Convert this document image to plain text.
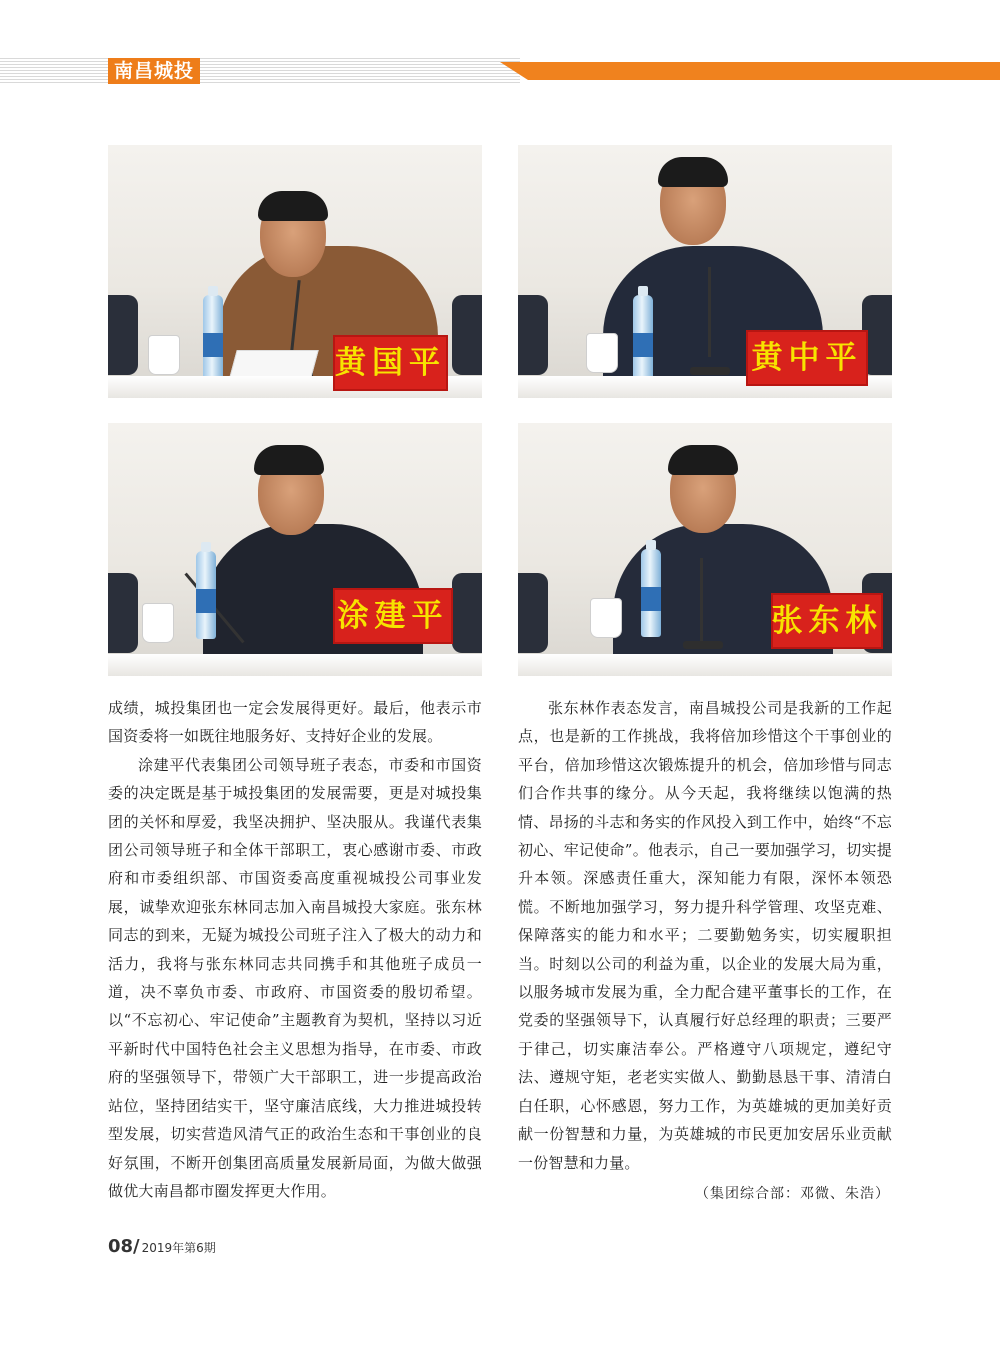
南昌城投
黄国平	黄中平
涂建平	张东林

成绩，城投集团也一定会发展得更好。最后，他表示市国资委将一如既往地服务好、支持好企业的发展。

涂建平代表集团公司领导班子表态，市委和市国资委的决定既是基于城投集团的发展需要，更是对城投集团的关怀和厚爱，我坚决拥护、坚决服从。我谨代表集团公司领导班子和全体干部职工，衷心感谢市委、市政府和市委组织部、市国资委高度重视城投公司事业发展，诚挚欢迎张东林同志加入南昌城投大家庭。张东林同志的到来，无疑为城投公司班子注入了极大的动力和活力，我将与张东林同志共同携手和其他班子成员一道，决不辜负市委、市政府、市国资委的殷切希望。以“不忘初心、牢记使命”主题教育为契机，坚持以习近平新时代中国特色社会主义思想为指导，在市委、市政府的坚强领导下，带领广大干部职工，进一步提高政治站位，坚持团结实干，坚守廉洁底线，大力推进城投转型发展，切实营造风清气正的政治生态和干事创业的良好氛围，不断开创集团高质量发展新局面，为做大做强做优大南昌都市圈发挥更大作用。

张东林作表态发言，南昌城投公司是我新的工作起点，也是新的工作挑战，我将倍加珍惜这个干事创业的平台，倍加珍惜这次锻炼提升的机会，倍加珍惜与同志们合作共事的缘分。从今天起，我将继续以饱满的热情、昂扬的斗志和务实的作风投入到工作中，始终“不忘初心、牢记使命”。他表示，自己一要加强学习，切实提升本领。深感责任重大，深知能力有限，深怀本领恐慌。不断地加强学习，努力提升科学管理、攻坚克难、保障落实的能力和水平；二要勤勉务实，切实履职担当。时刻以公司的利益为重，以企业的发展大局为重，以服务城市发展为重，全力配合建平董事长的工作，在党委的坚强领导下，认真履行好总经理的职责；三要严于律己，切实廉洁奉公。严格遵守八项规定，遵纪守法、遵规守矩，老老实实做人、勤勤恳恳干事、清清白白任职，心怀感恩，努力工作，为英雄城的更加美好贡献一份智慧和力量，为英雄城的市民更加安居乐业贡献一份智慧和力量。

（集团综合部：邓微、朱浩）
08/ 2019年第6期
